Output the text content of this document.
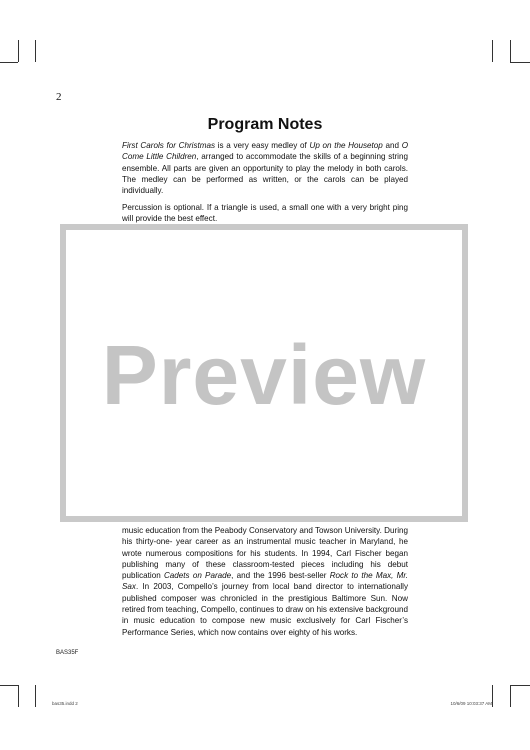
2
Program Notes
First Carols for Christmas is a very easy medley of Up on the Housetop and O Come Little Children, arranged to accommodate the skills of a beginning string ensemble. All parts are given an opportunity to play the melody in both carols. The medley can be performed as written, or the carols can be played individually.
Percussion is optional. If a triangle is used, a small one with a very bright ping will provide the best effect.
Preview
music education from the Peabody Conservatory and Towson University. During his thirty-one- year career as an instrumental music teacher in Maryland, he wrote numerous compositions for his students. In 1994, Carl Fischer began publishing many of these classroom-tested pieces including his debut publication Cadets on Parade, and the 1996 best-seller Rock to the Max, Mr. Sax. In 2003, Compello’s journey from local band director to internationally published composer was chronicled in the prestigious Baltimore Sun. Now retired from teaching, Compello, continues to draw on his extensive background in music education to compose new music exclusively for Carl Fischer’s Performance Series, which now contains over eighty of his works.
BAS35F
bas35.indd 2	10/6/09 10:03:37 AM
